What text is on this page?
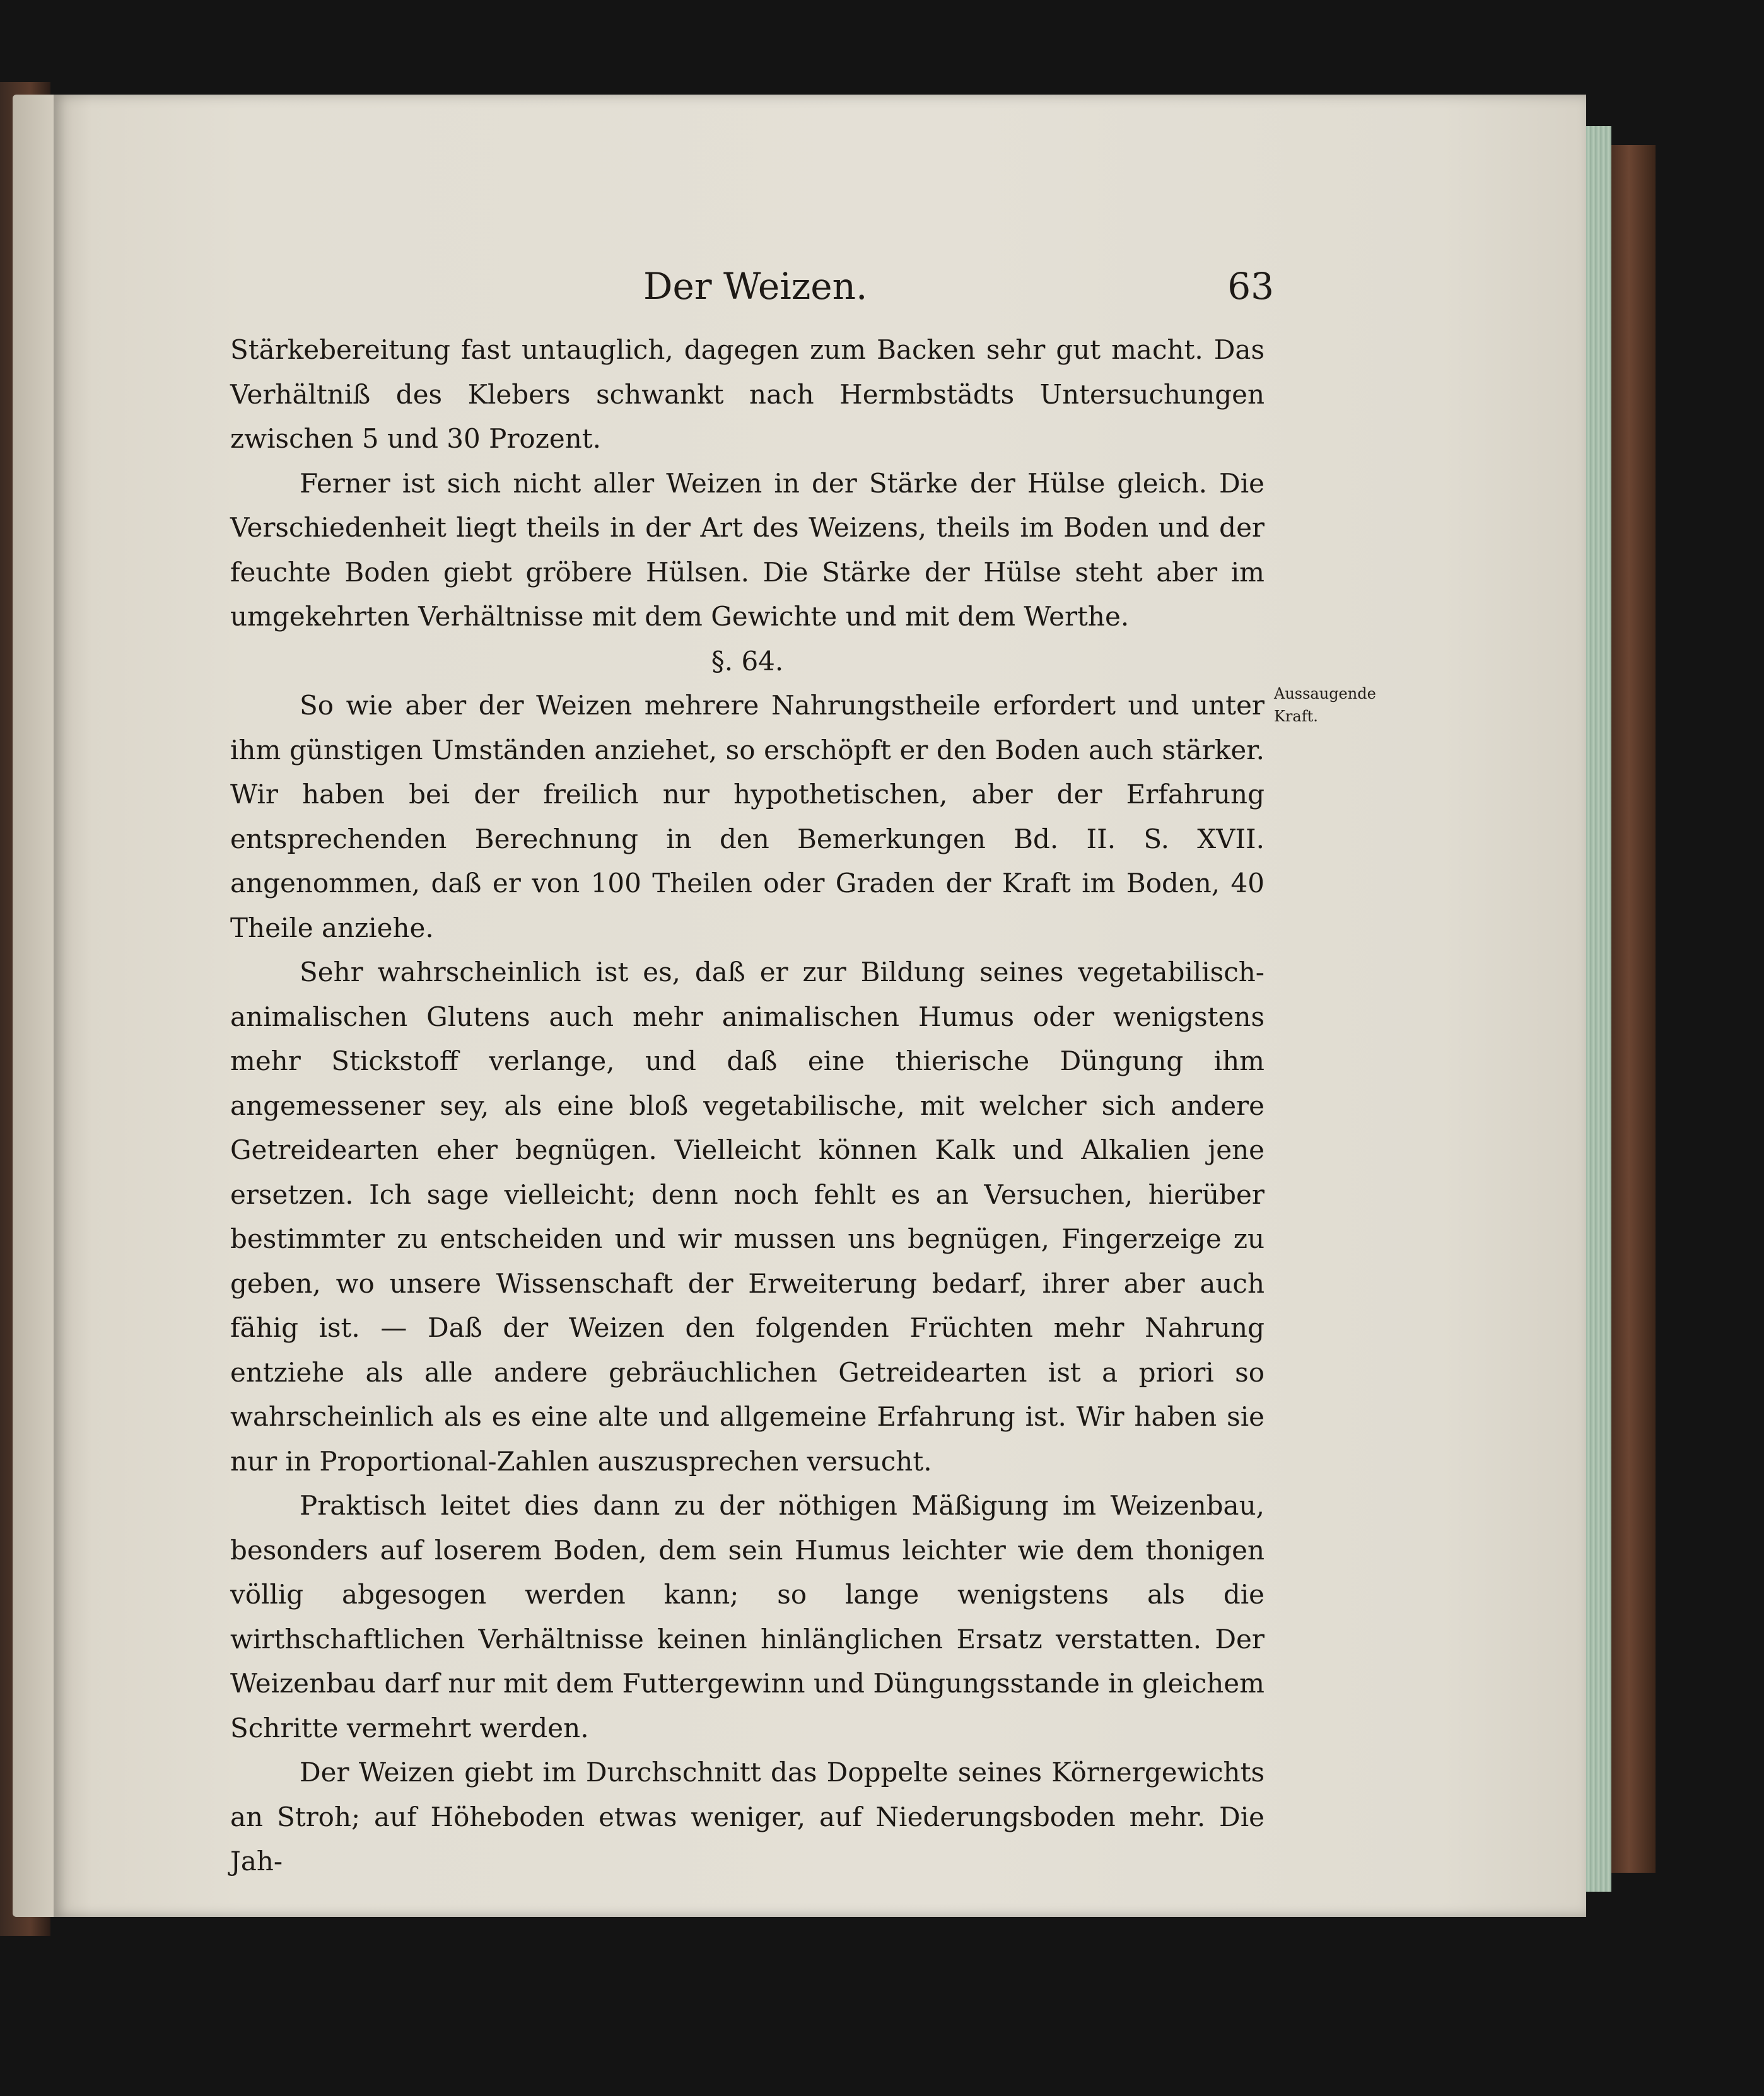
Der Weizen.	63

Stärkebereitung fast untauglich, dagegen zum Backen sehr gut macht. Das Verhältniß des Klebers schwankt nach Hermbstädts Untersuchungen zwischen 5 und 30 Prozent.

Ferner ist sich nicht aller Weizen in der Stärke der Hülse gleich. Die Verschiedenheit liegt theils in der Art des Weizens, theils im Boden und der feuchte Boden giebt gröbere Hülsen. Die Stärke der Hülse steht aber im umgekehrten Verhältnisse mit dem Gewichte und mit dem Werthe.

§. 64.

So wie aber der Weizen mehrere Nahrungstheile erfordert und unter ihm günstigen Umständen anziehet, so erschöpft er den Boden auch stärker. Wir haben bei der freilich nur hypothetischen, aber der Erfahrung entsprechenden Berechnung in den Bemerkungen Bd. II. S. XVII. angenommen, daß er von 100 Theilen oder Graden der Kraft im Boden, 40 Theile anziehe.

Sehr wahrscheinlich ist es, daß er zur Bildung seines vegetabilisch-animalischen Glutens auch mehr animalischen Humus oder wenigstens mehr Stickstoff verlange, und daß eine thierische Düngung ihm angemessener sey, als eine bloß vegetabilische, mit welcher sich andere Getreidearten eher begnügen. Vielleicht können Kalk und Alkalien jene ersetzen. Ich sage vielleicht; denn noch fehlt es an Versuchen, hierüber bestimmter zu entscheiden und wir mussen uns begnügen, Fingerzeige zu geben, wo unsere Wissenschaft der Erweiterung bedarf, ihrer aber auch fähig ist. — Daß der Weizen den folgenden Früchten mehr Nahrung entziehe als alle andere gebräuchlichen Getreidearten ist a priori so wahrscheinlich als es eine alte und allgemeine Erfahrung ist. Wir haben sie nur in Proportional-Zahlen auszusprechen versucht.

Praktisch leitet dies dann zu der nöthigen Mäßigung im Weizenbau, besonders auf loserem Boden, dem sein Humus leichter wie dem thonigen völlig abgesogen werden kann; so lange wenigstens als die wirthschaftlichen Verhältnisse keinen hinlänglichen Ersatz verstatten. Der Weizenbau darf nur mit dem Futtergewinn und Düngungsstande in gleichem Schritte vermehrt werden.

Der Weizen giebt im Durchschnitt das Doppelte seines Körnergewichts an Stroh; auf Höheboden etwas weniger, auf Niederungsboden mehr. Die Jah-

Aussaugende Kraft.
